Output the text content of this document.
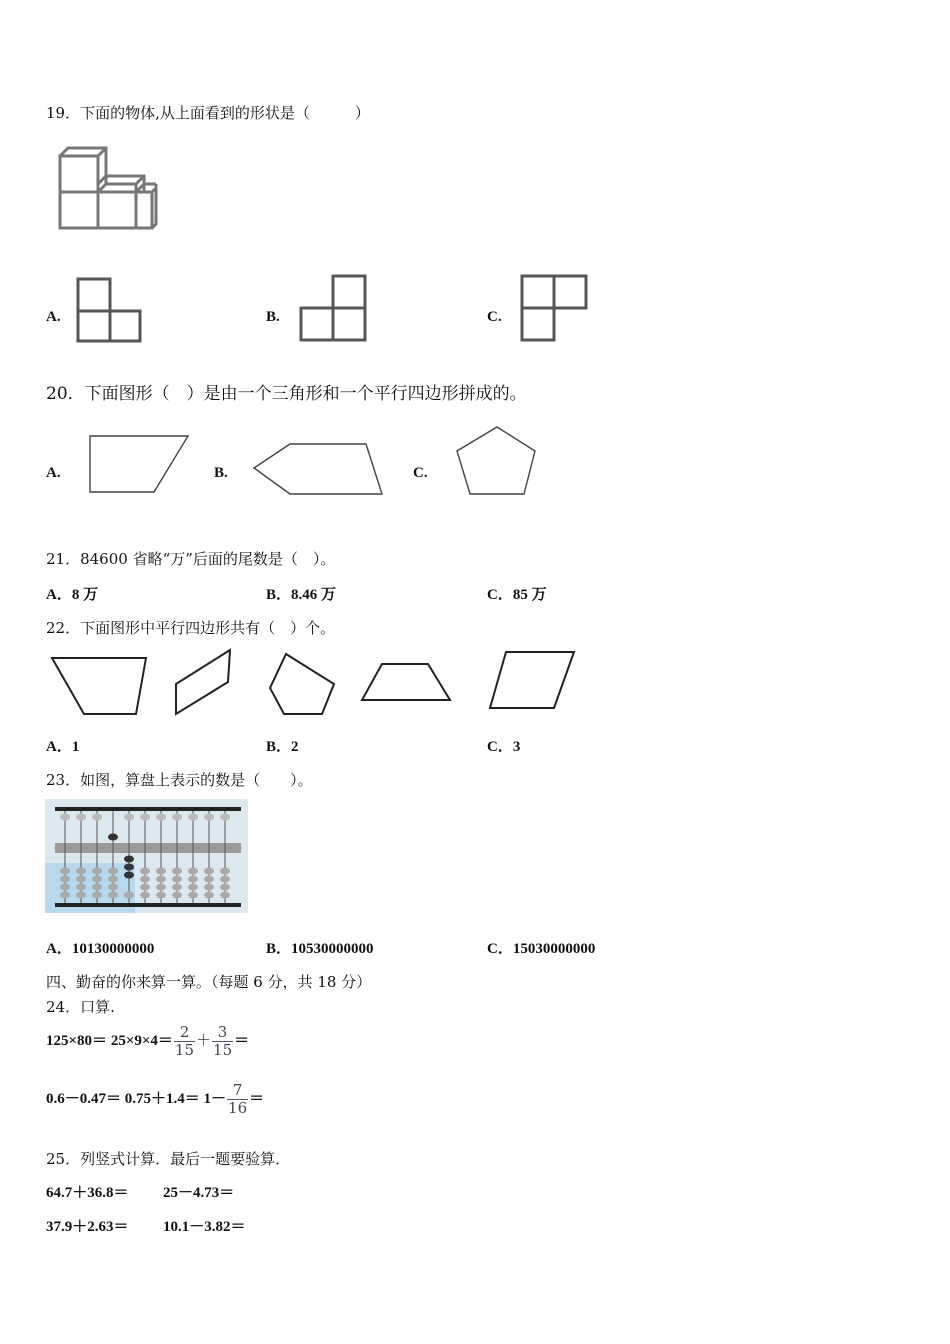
19．下面的物体,从上面看到的形状是（　　　）
A.	B.	C.
20．下面图形（　）是由一个三角形和一个平行四边形拼成的。
A.	B.	C.
21．84600 省略“万”后面的尾数是（　）。
A．8 万	B．8.46 万	C．85 万
22．下面图形中平行四边形共有（　）个。
A．1	B．2	C．3
23．如图，算盘上表示的数是（　　）。
A．10130000000	B．10530000000	C．15030000000
四、勤奋的你来算一算。（每题 6 分，共 18 分）
24．口算.
$125\times 80= 25\times 9\times 4= \frac{2}{15} + \frac{3}{15}$ ＝
$0.6-0.47= 0.75+1.4= 1- \frac{7}{16}$ ＝
25．列竖式计算．最后一题要验算．
64.7＋36.8＝ 25－4.73＝
37.9＋2.63＝ 10.1－3.82＝
